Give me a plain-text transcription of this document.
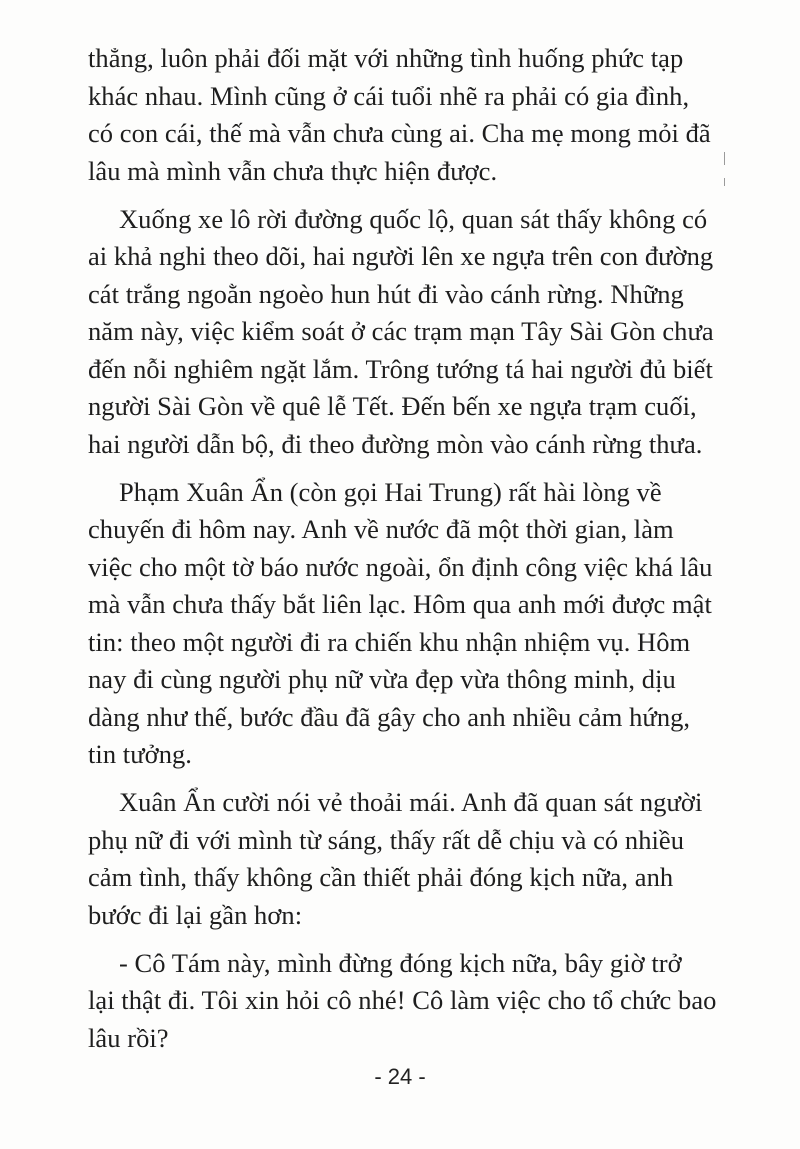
thẳng, luôn phải đối mặt với những tình huống phức tạp
khác nhau. Mình cũng ở cái tuổi nhẽ ra phải có gia đình,
có con cái, thế mà vẫn chưa cùng ai. Cha mẹ mong mỏi đã
lâu mà mình vẫn chưa thực hiện được.
Xuống xe lô rời đường quốc lộ, quan sát thấy không có
ai khả nghi theo dõi, hai người lên xe ngựa trên con đường
cát trắng ngoằn ngoèo hun hút đi vào cánh rừng. Những
năm này, việc kiểm soát ở các trạm mạn Tây Sài Gòn chưa
đến nỗi nghiêm ngặt lắm. Trông tướng tá hai người đủ biết
người Sài Gòn về quê lễ Tết. Đến bến xe ngựa trạm cuối,
hai người dẫn bộ, đi theo đường mòn vào cánh rừng thưa.
Phạm Xuân Ẩn (còn gọi Hai Trung) rất hài lòng về
chuyến đi hôm nay. Anh về nước đã một thời gian, làm
việc cho một tờ báo nước ngoài, ổn định công việc khá lâu
mà vẫn chưa thấy bắt liên lạc. Hôm qua anh mới được mật
tin: theo một người đi ra chiến khu nhận nhiệm vụ. Hôm
nay đi cùng người phụ nữ vừa đẹp vừa thông minh, dịu
dàng như thế, bước đầu đã gây cho anh nhiều cảm hứng,
tin tưởng.
Xuân Ẩn cười nói vẻ thoải mái. Anh đã quan sát người
phụ nữ đi với mình từ sáng, thấy rất dễ chịu và có nhiều
cảm tình, thấy không cần thiết phải đóng kịch nữa, anh
bước đi lại gần hơn:
- Cô Tám này, mình đừng đóng kịch nữa, bây giờ trở
lại thật đi. Tôi xin hỏi cô nhé! Cô làm việc cho tổ chức bao
lâu rồi?
- 24 -
